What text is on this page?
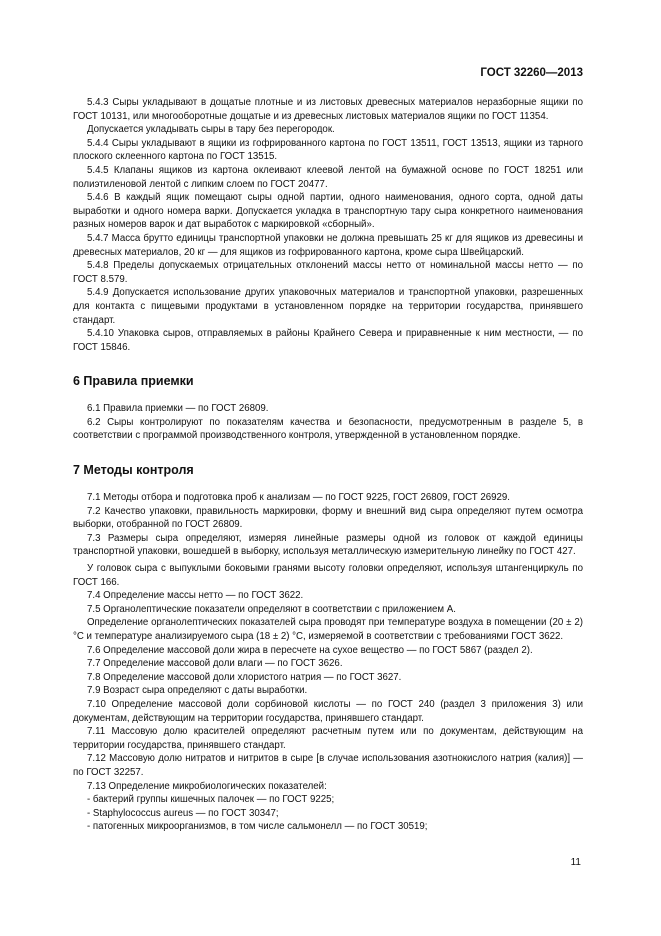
ГОСТ 32260—2013

5.4.3 Сыры укладывают в дощатые плотные и из листовых древесных материалов неразборные ящики по ГОСТ 10131, или многооборотные дощатые и из древесных листовых материалов ящики по ГОСТ 11354.

Допускается укладывать сыры в тару без перегородок.

5.4.4 Сыры укладывают в ящики из гофрированного картона по ГОСТ 13511, ГОСТ 13513, ящики из тарного плоского склеенного картона по ГОСТ 13515.

5.4.5 Клапаны ящиков из картона оклеивают клеевой лентой на бумажной основе по ГОСТ 18251 или полиэтиленовой лентой с липким слоем по ГОСТ 20477.

5.4.6 В каждый ящик помещают сыры одной партии, одного наименования, одного сорта, одной даты выработки и одного номера варки. Допускается укладка в транспортную тару сыра конкретного наименования разных номеров варок и дат выработок с маркировкой «сборный».

5.4.7 Масса брутто единицы транспортной упаковки не должна превышать 25 кг для ящиков из древесины и древесных материалов, 20 кг — для ящиков из гофрированного картона, кроме сыра Швейцарский.

5.4.8 Пределы допускаемых отрицательных отклонений массы нетто от номинальной массы нетто — по ГОСТ 8.579.

5.4.9 Допускается использование других упаковочных материалов и транспортной упаковки, разрешенных для контакта с пищевыми продуктами в установленном порядке на территории государства, принявшего стандарт.

5.4.10 Упаковка сыров, отправляемых в районы Крайнего Севера и приравненные к ним местности, — по ГОСТ 15846.

6 Правила приемки

6.1 Правила приемки — по ГОСТ 26809.

6.2 Сыры контролируют по показателям качества и безопасности, предусмотренным в разделе 5, в соответствии с программой производственного контроля, утвержденной в установленном порядке.

7 Методы контроля

7.1 Методы отбора и подготовка проб к анализам — по ГОСТ 9225, ГОСТ 26809, ГОСТ 26929.

7.2 Качество упаковки, правильность маркировки, форму и внешний вид сыра определяют путем осмотра выборки, отобранной по ГОСТ 26809.

7.3 Размеры сыра определяют, измеряя линейные размеры одной из головок от каждой единицы транспортной упаковки, вошедшей в выборку, используя металлическую измерительную линейку по ГОСТ 427.

У головок сыра с выпуклыми боковыми гранями высоту головки определяют, используя штангенциркуль по ГОСТ 166.

7.4 Определение массы нетто — по ГОСТ 3622.

7.5 Органолептические показатели определяют в соответствии с приложением А.

Определение органолептических показателей сыра проводят при температуре воздуха в помещении (20 ± 2) °С и температуре анализируемого сыра (18 ± 2) °С, измеряемой в соответствии с требованиями ГОСТ 3622.

7.6 Определение массовой доли жира в пересчете на сухое вещество — по ГОСТ 5867 (раздел 2).

7.7 Определение массовой доли влаги — по ГОСТ 3626.

7.8 Определение массовой доли хлористого натрия — по ГОСТ 3627.

7.9 Возраст сыра определяют с даты выработки.

7.10 Определение массовой доли сорбиновой кислоты — по ГОСТ 240 (раздел 3 приложения 3) или документам, действующим на территории государства, принявшего стандарт.

7.11 Массовую долю красителей определяют расчетным путем или по документам, действующим на территории государства, принявшего стандарт.

7.12 Массовую долю нитратов и нитритов в сыре [в случае использования азотнокислого натрия (калия)] — по ГОСТ 32257.

7.13 Определение микробиологических показателей:

- бактерий группы кишечных палочек — по ГОСТ 9225;

- Staphylococcus aureus — по ГОСТ 30347;

- патогенных микроорганизмов, в том числе сальмонелл — по ГОСТ 30519;

11
